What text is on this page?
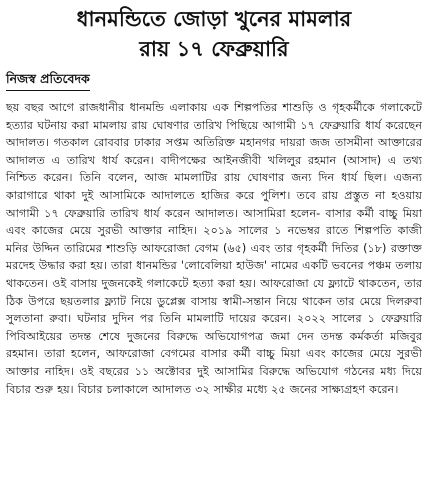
ধানমন্ডিতে জোড়া খুনের মামলার
রায় ১৭ ফেব্রুয়ারি
নিজস্ব প্রতিবেদক

ছয় বছর আগে রাজধানীর ধানমন্ডি এলাকায় এক শিল্পপতির শাশুড়ি ও গৃহকর্মীকে গলাকেটে হত্যার ঘটনায় করা মামলায় রায় ঘোষণার তারিখ পিছিয়ে আগামী ১৭ ফেব্রুয়ারি ধার্য করেছেন আদালত। গতকাল রোববার ঢাকার সপ্তম অতিরিক্ত মহানগর দায়রা জজ তাসমীনা আক্তারের আদালত এ তারিখ ধার্য করেন। বাদীপক্ষের আইনজীবী খলিলুর রহমান (আসাদ) এ তথ্য নিশ্চিত করেন। তিনি বলেন, আজ মামলাটির রায় ঘোষণার জন্য দিন ধার্য ছিল। এজন্য কারাগারে থাকা দুই আসামিকে আদালতে হাজির করে পুলিশ। তবে রায় প্রস্তুত না হওয়ায় আগামী ১৭ ফেব্রুয়ারি তারিখ ধার্য করেন আদালত। আসামিরা হলেন- বাসার কর্মী বাচ্চু মিয়া এবং কাজের মেয়ে সুরভী আক্তার নাহিদ। ২০১৯ সালের ১ নভেম্বর রাতে শিল্পপতি কাজী মনির উদ্দিন তারিমের শাশুড়ি আফরোজা বেগম (৬৫) এবং তার গৃহকর্মী দিতির (১৮) রক্তাক্ত মরদেহ উদ্ধার করা হয়। তারা ধানমন্ডির 'লোবেলিয়া হাউজ' নামের একটি ভবনের পঞ্চম তলায় থাকতেন। ওই বাসায় দুজনকেই গলাকেটে হত্যা করা হয়। আফরোজা যে ফ্ল্যাটে থাকতেন, তার ঠিক উপরে ছয়তলার ফ্ল্যাট নিয়ে ডুপ্লেক্স বাসায় স্বামী-সন্তান নিয়ে থাকেন তার মেয়ে দিলরুবা সুলতানা রুবা। ঘটনার দুদিন পর তিনি মামলাটি দায়ের করেন। ২০২২ সালের ১ ফেব্রুয়ারি পিবিআইয়ের তদন্ত শেষে দুজনের বিরুদ্ধে অভিযোগপত্র জমা দেন তদন্ত কর্মকর্তা মজিবুর রহমান। তারা হলেন, আফরোজা বেগমের বাসার কর্মী বাচ্চু মিয়া এবং কাজের মেয়ে সুরভী আক্তার নাহিদ। ওই বছরের ১১ অক্টোবর দুই আসামির বিরুদ্ধে অভিযোগ গঠনের মধ্য দিয়ে বিচার শুরু হয়। বিচার চলাকালে আদালত ৩২ সাক্ষীর মধ্যে ২৫ জনের সাক্ষ্যগ্রহণ করেন।
